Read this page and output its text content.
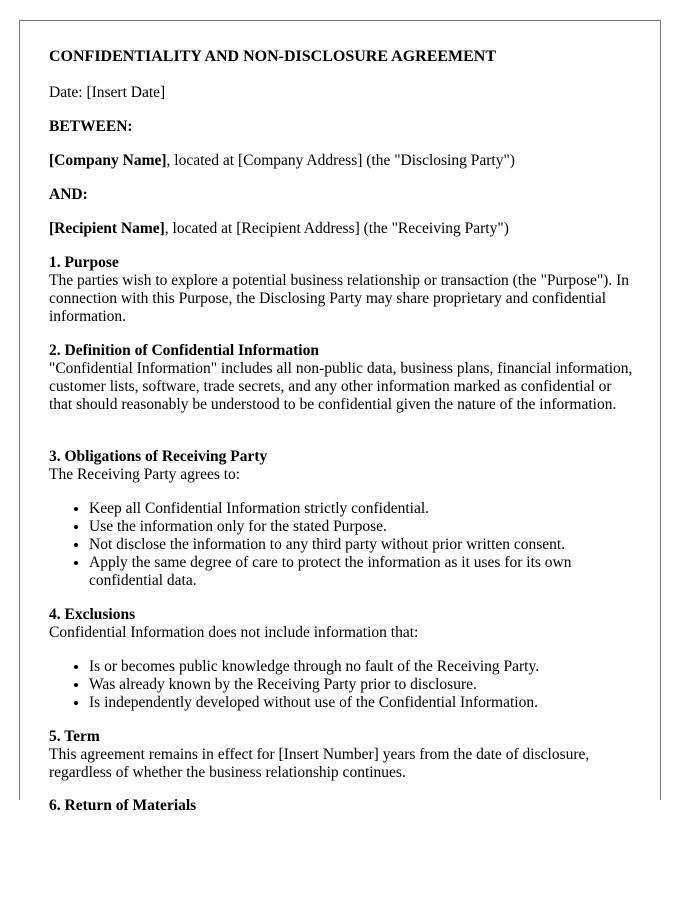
CONFIDENTIALITY AND NON-DISCLOSURE AGREEMENT
Date: [Insert Date]
BETWEEN:
[Company Name], located at [Company Address] (the "Disclosing Party")
AND:
[Recipient Name], located at [Recipient Address] (the "Receiving Party")

1. Purpose

The parties wish to explore a potential business relationship or transaction (the "Purpose"). In connection with this Purpose, the Disclosing Party may share proprietary and confidential information.

2. Definition of Confidential Information

"Confidential Information" includes all non-public data, business plans, financial information, customer lists, software, trade secrets, and any other information marked as confidential or that should reasonably be understood to be confidential given the nature of the information.

3. Obligations of Receiving Party

The Receiving Party agrees to:

• Keep all Confidential Information strictly confidential.
• Use the information only for the stated Purpose.
• Not disclose the information to any third party without prior written consent.
• Apply the same degree of care to protect the information as it uses for its own confidential data.

4. Exclusions

Confidential Information does not include information that:

• Is or becomes public knowledge through no fault of the Receiving Party.
• Was already known by the Receiving Party prior to disclosure.
• Is independently developed without use of the Confidential Information.

5. Term

This agreement remains in effect for [Insert Number] years from the date of disclosure, regardless of whether the business relationship continues.

6. Return of Materials
